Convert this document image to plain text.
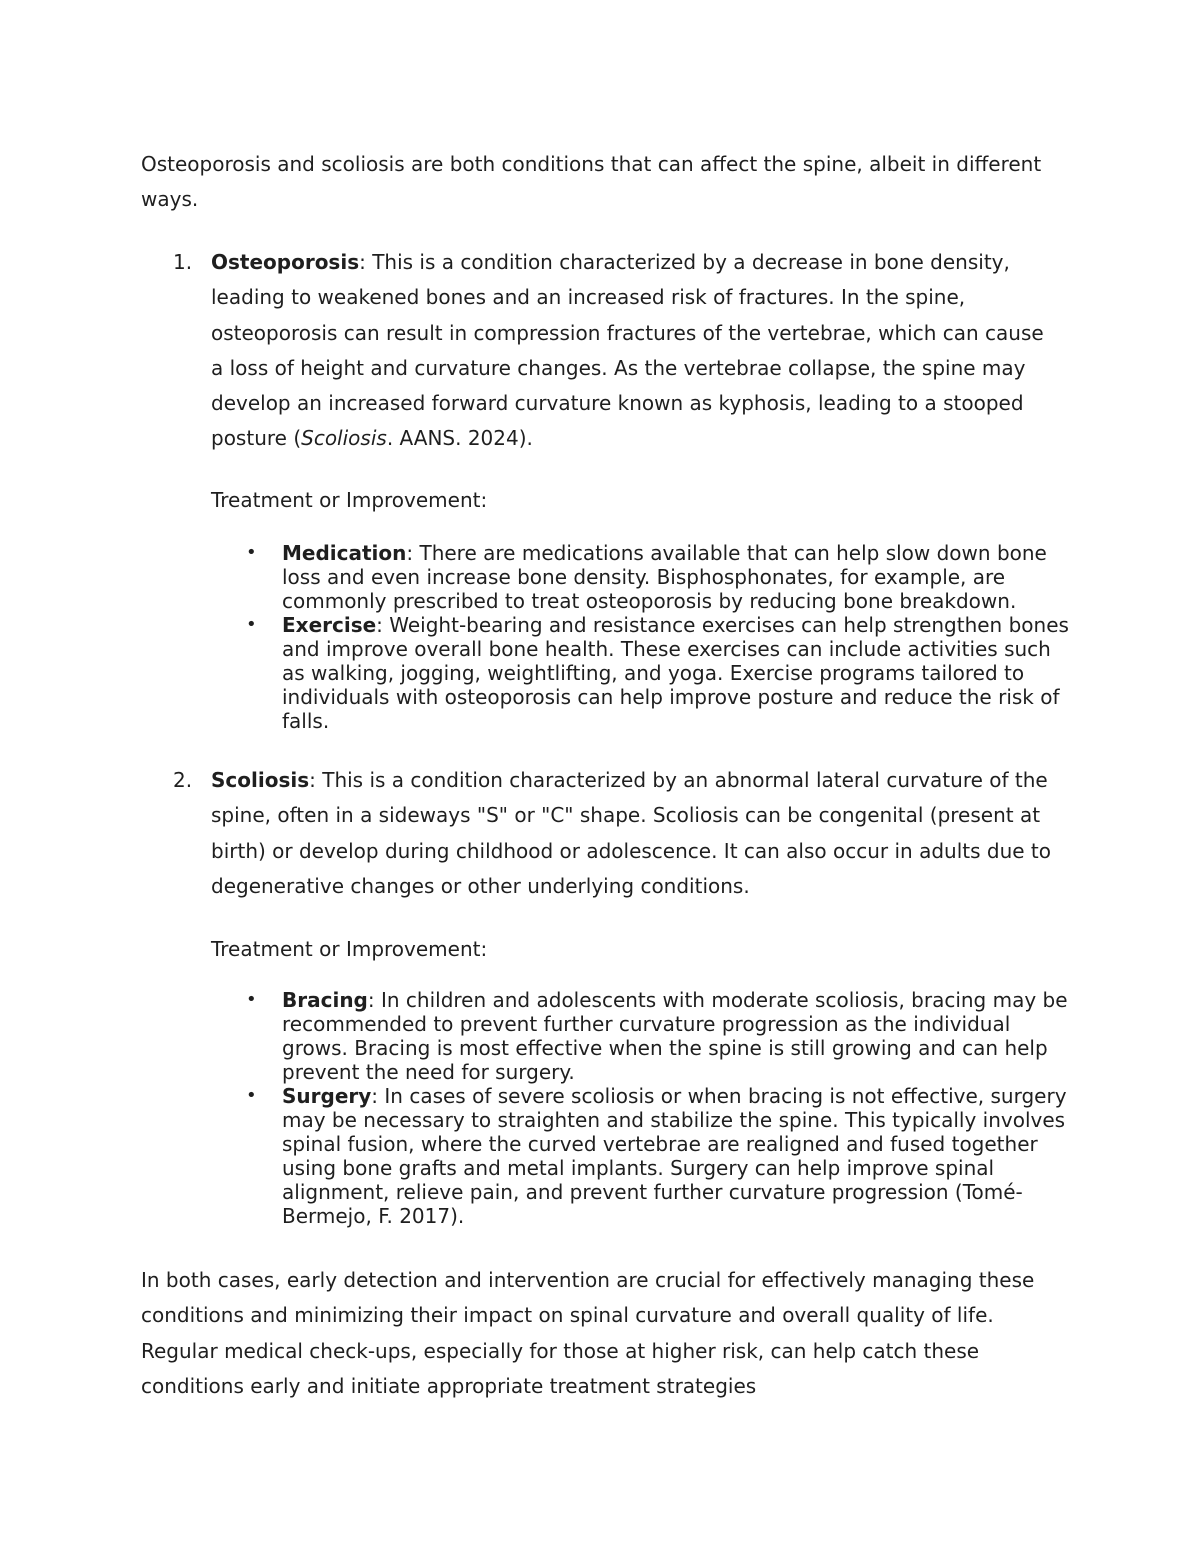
Osteoporosis and scoliosis are both conditions that can affect the spine, albeit in different ways.

1. Osteoporosis: This is a condition characterized by a decrease in bone density, leading to weakened bones and an increased risk of fractures. In the spine, osteoporosis can result in compression fractures of the vertebrae, which can cause a loss of height and curvature changes. As the vertebrae collapse, the spine may develop an increased forward curvature known as kyphosis, leading to a stooped posture (Scoliosis. AANS. 2024).
Treatment or Improvement:
• Medication: There are medications available that can help slow down bone loss and even increase bone density. Bisphosphonates, for example, are commonly prescribed to treat osteoporosis by reducing bone breakdown.
• Exercise: Weight-bearing and resistance exercises can help strengthen bones and improve overall bone health. These exercises can include activities such as walking, jogging, weightlifting, and yoga. Exercise programs tailored to individuals with osteoporosis can help improve posture and reduce the risk of falls.
2. Scoliosis: This is a condition characterized by an abnormal lateral curvature of the spine, often in a sideways "S" or "C" shape. Scoliosis can be congenital (present at birth) or develop during childhood or adolescence. It can also occur in adults due to degenerative changes or other underlying conditions.
Treatment or Improvement:
• Bracing: In children and adolescents with moderate scoliosis, bracing may be recommended to prevent further curvature progression as the individual grows. Bracing is most effective when the spine is still growing and can help prevent the need for surgery.
• Surgery: In cases of severe scoliosis or when bracing is not effective, surgery may be necessary to straighten and stabilize the spine. This typically involves spinal fusion, where the curved vertebrae are realigned and fused together using bone grafts and metal implants. Surgery can help improve spinal alignment, relieve pain, and prevent further curvature progression (Tomé-Bermejo, F. 2017).

In both cases, early detection and intervention are crucial for effectively managing these conditions and minimizing their impact on spinal curvature and overall quality of life. Regular medical check-ups, especially for those at higher risk, can help catch these conditions early and initiate appropriate treatment strategies
